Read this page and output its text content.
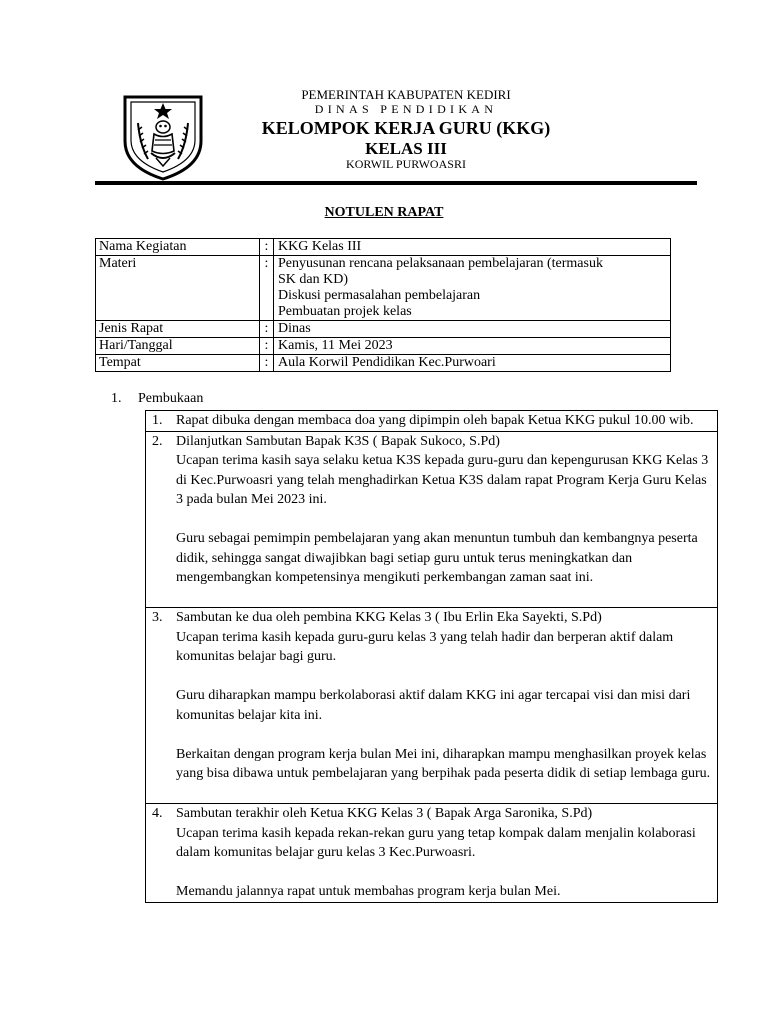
PEMERINTAH KABUPATEN KEDIRI
DINAS PENDIDIKAN
KELOMPOK KERJA GURU (KKG)
KELAS III
KORWIL PURWOASRI
NOTULEN RAPAT
Nama Kegiatan	:	KKG Kelas III

Materi	:	Penyusunan rencana pelaksanaan pembelajaran (termasuk
SK dan KD)
Diskusi permasalahan pembelajaran
Pembuatan projek kelas

Jenis Rapat	:	Dinas

Hari/Tanggal	:	Kamis, 11 Mei 2023

Tempat	:	Aula Korwil Pendidikan Kec.Purwoari
1. Pembukaan
1. Rapat dibuka dengan membaca doa yang dipimpin oleh bapak Ketua KKG pukul 10.00 wib.

2. Dilanjutkan Sambutan Bapak K3S ( Bapak Sukoco, S.Pd)
Ucapan terima kasih saya selaku ketua K3S kepada guru-guru dan kepengurusan KKG Kelas 3 di Kec.Purwoasri yang telah menghadirkan Ketua K3S dalam rapat Program Kerja Guru Kelas 3 pada bulan Mei 2023 ini.

Guru sebagai pemimpin pembelajaran yang akan menuntun tumbuh dan kembangnya peserta didik, sehingga sangat diwajibkan bagi setiap guru untuk terus meningkatkan dan mengembangkan kompetensinya mengikuti perkembangan zaman saat ini.

3. Sambutan ke dua oleh pembina KKG Kelas 3 ( Ibu Erlin Eka Sayekti, S.Pd)
Ucapan terima kasih kepada guru-guru kelas 3 yang telah hadir dan berperan aktif dalam komunitas belajar bagi guru.

Guru diharapkan mampu berkolaborasi aktif dalam KKG ini agar tercapai visi dan misi dari komunitas belajar kita ini.

Berkaitan dengan program kerja bulan Mei ini, diharapkan mampu menghasilkan proyek kelas yang bisa dibawa untuk pembelajaran yang berpihak pada peserta didik di setiap lembaga guru.

4. Sambutan terakhir oleh Ketua KKG Kelas 3 ( Bapak Arga Saronika, S.Pd)
Ucapan terima kasih kepada rekan-rekan guru yang tetap kompak dalam menjalin kolaborasi dalam komunitas belajar guru kelas 3 Kec.Purwoasri.

Memandu jalannya rapat untuk membahas program kerja bulan Mei.
